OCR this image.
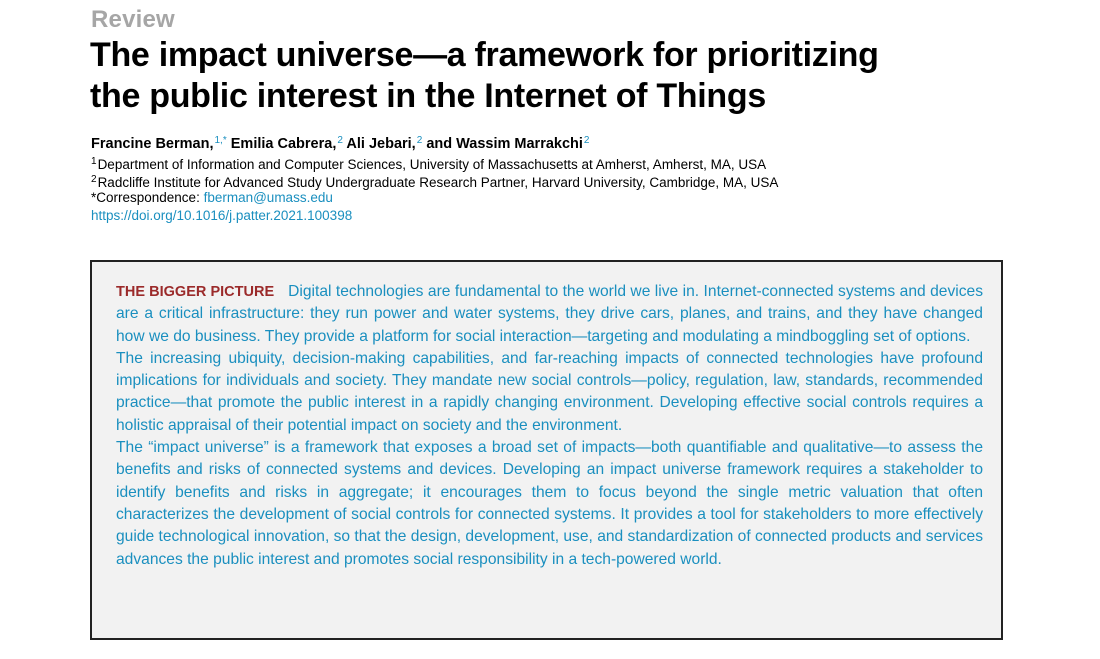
Review
The impact universe—a framework for prioritizing
the public interest in the Internet of Things
Francine Berman,$^{1,*}$ Emilia Cabrera,$^2$ Ali Jebari,$^2$ and Wassim Marrakchi$^2$
$^1$Department of Information and Computer Sciences, University of Massachusetts at Amherst, Amherst, MA, USA
$^2$Radcliffe Institute for Advanced Study Undergraduate Research Partner, Harvard University, Cambridge, MA, USA
*Correspondence: fberman@umass.edu
https://doi.org/10.1016/j.patter.2021.100398

THE BIGGER PICTURE Digital technologies are fundamental to the world we live in. Internet-connected systems and devices are a critical infrastructure: they run power and water systems, they drive cars, planes, and trains, and they have changed how we do business. They provide a platform for social interaction—targeting and modulating a mindboggling set of options.

The increasing ubiquity, decision-making capabilities, and far-reaching impacts of connected technologies have profound implications for individuals and society. They mandate new social controls—policy, regulation, law, standards, recommended practice—that promote the public interest in a rapidly changing environment. Developing effective social controls requires a holistic appraisal of their potential impact on society and the environment.

The “impact universe” is a framework that exposes a broad set of impacts—both quantifiable and qualitative—to assess the benefits and risks of connected systems and devices. Developing an impact universe framework requires a stakeholder to identify benefits and risks in aggregate; it encourages them to focus beyond the single metric valuation that often characterizes the development of social controls for connected systems. It provides a tool for stakeholders to more effectively guide technological innovation, so that the design, development, use, and standardization of connected products and services advances the public interest and promotes social responsibility in a tech-powered world.
